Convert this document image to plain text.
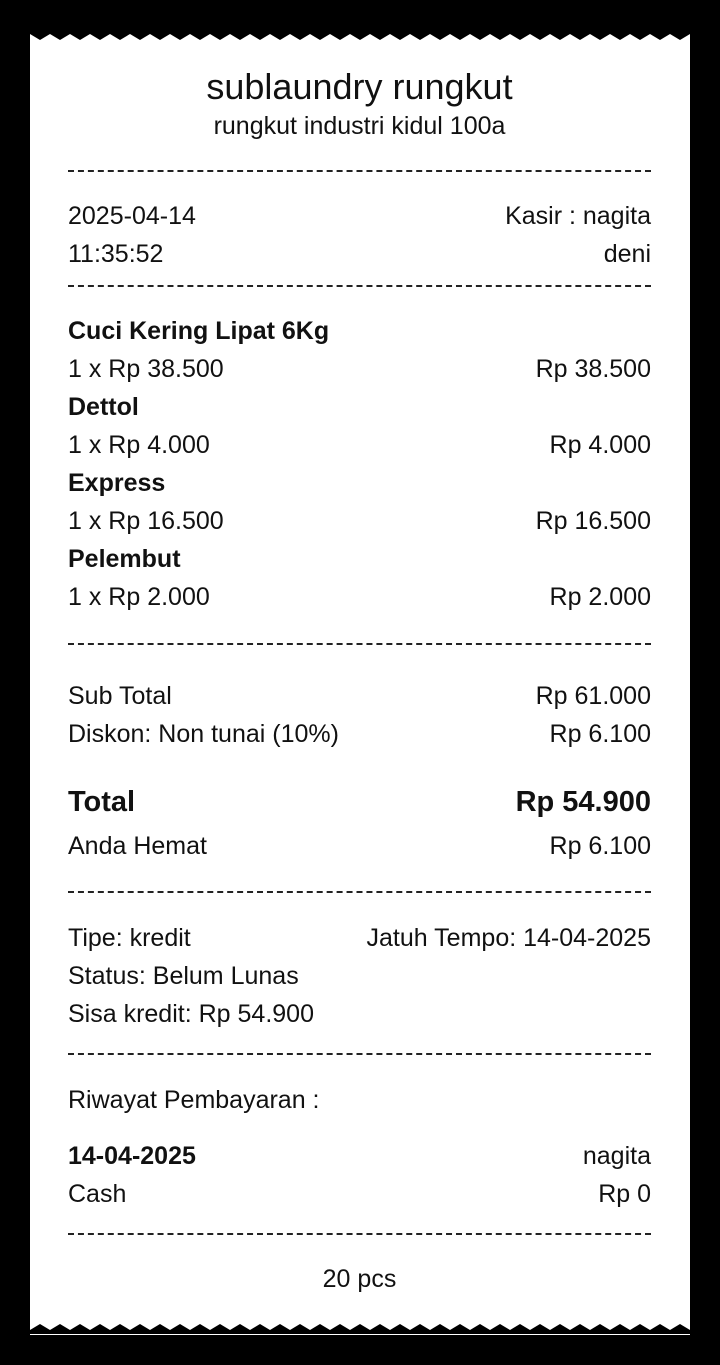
sublaundry rungkut
rungkut industri kidul 100a
2025-04-14	Kasir : nagita
11:35:52	deni
Cuci Kering Lipat 6Kg
1 x Rp 38.500	Rp 38.500
Dettol
1 x Rp 4.000	Rp 4.000
Express
1 x Rp 16.500	Rp 16.500
Pelembut
1 x Rp 2.000	Rp 2.000
Sub Total	Rp 61.000
Diskon: Non tunai (10%)	Rp 6.100
Total	Rp 54.900
Anda Hemat	Rp 6.100
Tipe: kredit	Jatuh Tempo: 14-04-2025
Status: Belum Lunas
Sisa kredit: Rp 54.900
Riwayat Pembayaran :
14-04-2025	nagita
Cash	Rp 0
20 pcs
